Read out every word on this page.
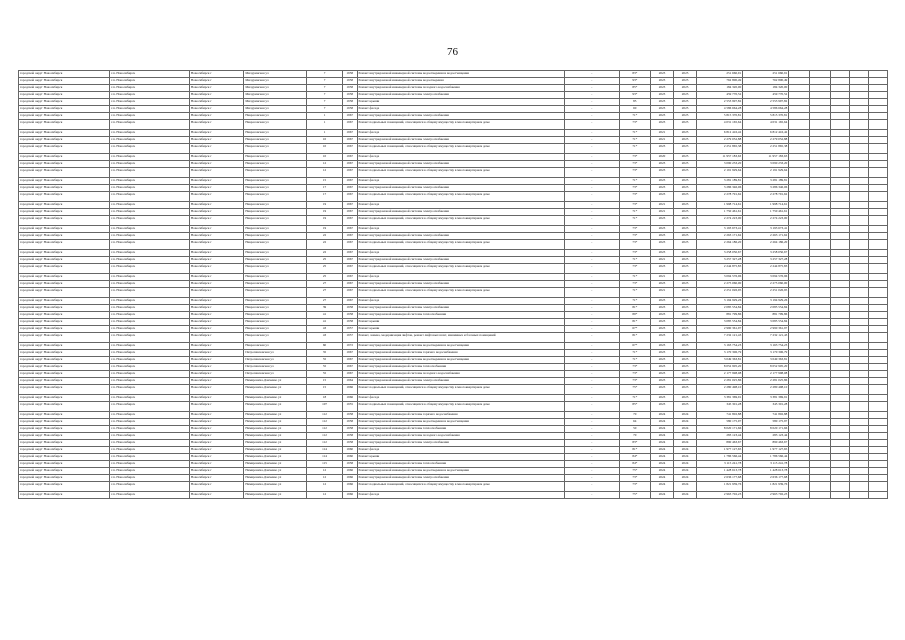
76
городской округ Новосибирск	г.п. Новосибирск	Новосибирск г	Мичуринская ул	7	1958	Ремонт внутридомовой инженерной системы водоотведения и водоотчищения	-	83*	2023	2025	251 660,91	251 660,91					
городской округ Новосибирск	г.п. Новосибирск	Новосибирск г	Мичуринская ул	7	1958	Ремонт внутридомовой инженерной системы водоотведения	-	93*	2023	2025	762 800,49	762 800,49					
городской округ Новосибирск	г.п. Новосибирск	Новосибирск г	Мичуринская ул	7	1958	Ремонт внутридомовой инженерной системы холодного водоснабжения	-	85*	2023	2025	184 320,00	184 320,00					
городской округ Новосибирск	г.п. Новосибирск	Новосибирск г	Мичуринская ул	7	1958	Ремонт внутридомовой инженерной системы электроснабжения	-	93*	2023	2025	459 770,52	459 770,52					
городской округ Новосибирск	г.п. Новосибирск	Новосибирск г	Мичуринская ул	7	1958	Ремонт крыши	-	85	2023	2025	2 553 997,82	2 553 997,82					
городской округ Новосибирск	г.п. Новосибирск	Новосибирск г	Мичуринская ул	7	1958	Ремонт фасада	-	60	2023	2025	4 586 664,28	4 586 664,28					
городской округ Новосибирск	г.п. Новосибирск	Новосибирск г	Некрасовская ул	1	1967	Ремонт внутридомовой инженерной системы электроснабжения	-	71*	2023	2025	5 815 370,81	5 815 370,81					
городской округ Новосибирск	г.п. Новосибирск	Новосибирск г	Некрасовская ул	1	1967	Ремонт подвальных помещений, относящихся к общему имуществу в многоквартирном доме	-	73*	2023	2025	4 031 165,64	4 031 165,64					
городской округ Новосибирск	г.п. Новосибирск	Новосибирск г	Некрасовская ул	1	1967	Ремонт фасада	-	71*	2021	2025	6 812 416,42	6 812 416,42					
городской округ Новосибирск	г.п. Новосибирск	Новосибирск г	Некрасовская ул	10	1967	Ремонт внутридомовой инженерной системы электроснабжения	-	71*	2021	2025	2 279 052,88	2 279 052,88					
городской округ Новосибирск	г.п. Новосибирск	Новосибирск г	Некрасовская ул	10	1967	Ремонт подвальных помещений, относящихся к общему имуществу в многоквартирном доме	-	71*	2023	2025	2 251 865,38	2 251 865,38					
городской округ Новосибирск	г.п. Новосибирск	Новосибирск г	Некрасовская ул	10	1967	Ремонт фасада	-	73*	2020	2025	11 957 183,63	11 957 183,63					
городской округ Новосибирск	г.п. Новосибирск	Новосибирск г	Некрасовская ул	12	1967	Ремонт внутридомовой инженерной системы электроснабжения	-	73*	2023	2025	3 090 233,20	3 090 233,20					
городской округ Новосибирск	г.п. Новосибирск	Новосибирск г	Некрасовская ул	12	1967	Ремонт подвальных помещений, относящихся к общему имуществу в многоквартирном доме	-	73*	2023	2025	2 191 929,64	2 191 929,64					
городской округ Новосибирск	г.п. Новосибирск	Новосибирск г	Некрасовская ул	15	1967	Ремонт фасада	-	71*	2023	2025	3 281 189,81	3 281 189,81					
городской округ Новосибирск	г.п. Новосибирск	Новосибирск г	Некрасовская ул	17	1967	Ремонт внутридомовой инженерной системы электроснабжения	-	73*	2023	2025	3 286 346,06	3 286 346,06					
городской округ Новосибирск	г.п. Новосибирск	Новосибирск г	Некрасовская ул	17	1967	Ремонт подвальных помещений, относящихся к общему имуществу в многоквартирном доме	-	73*	2023	2025	2 278 791,62	2 278 791,62					
городской округ Новосибирск	г.п. Новосибирск	Новосибирск г	Некрасовская ул	19	1967	Ремонт фасада	-	73*	2021	2025	1 998 714,61	1 998 714,61					
городской округ Новосибирск	г.п. Новосибирск	Новосибирск г	Некрасовская ул	19	1967	Ремонт внутридомовой инженерной системы электроснабжения	-	71*	2021	2025	1 750 461,61	1 750 461,61					
городской округ Новосибирск	г.п. Новосибирск	Новосибирск г	Некрасовская ул	19	1967	Ремонт подвальных помещений, относящихся к общему имуществу в многоквартирном доме	-	71*	2023	2025	2 274 223,00	2 274 223,00					
городской округ Новосибирск	г.п. Новосибирск	Новосибирск г	Некрасовская ул	19	1967	Ремонт фасада	-	73*	2023	2025	3 193 673,41	3 193 673,41					
городской округ Новосибирск	г.п. Новосибирск	Новосибирск г	Некрасовская ул	22	1967	Ремонт внутридомовой инженерной системы электроснабжения	-	73*	2023	2025	2 263 171,62	2 263 171,62					
городской округ Новосибирск	г.п. Новосибирск	Новосибирск г	Некрасовская ул	22	1967	Ремонт подвальных помещений, относящихся к общему имуществу в многоквартирном доме	-	73*	2023	2025	2 264 186,20	2 264 186,20					
городской округ Новосибирск	г.п. Новосибирск	Новосибирск г	Некрасовская ул	22	1967	Ремонт фасада	-	73*	2023	2025	3 258 050,67	3 258 050,67					
городской округ Новосибирск	г.п. Новосибирск	Новосибирск г	Некрасовская ул	25	1967	Ремонт внутридомовой инженерной системы электроснабжения	-	71*	2021	2025	3 257 327,28	3 257 327,28					
городской округ Новосибирск	г.п. Новосибирск	Новосибирск г	Некрасовская ул	25	1967	Ремонт подвальных помещений, относящихся к общему имуществу в многоквартирном доме	-	73*	2023	2025	2 244 875,83	2 244 875,83					
городской округ Новосибирск	г.п. Новосибирск	Новосибирск г	Некрасовская ул	25	1967	Ремонт фасада	-	71*	2021	2025	3 094 576,96	3 094 576,96					
городской округ Новосибирск	г.п. Новосибирск	Новосибирск г	Некрасовская ул	27	1967	Ремонт внутридомовой инженерной системы электроснабжения	-	73*	2023	2025	2 275 060,00	2 275 060,00					
городской округ Новосибирск	г.п. Новосибирск	Новосибирск г	Некрасовская ул	27	1967	Ремонт подвальных помещений, относящихся к общему имуществу в многоквартирном доме	-	71*	2021	2025	2 251 026,95	2 251 026,95					
городской округ Новосибирск	г.п. Новосибирск	Новосибирск г	Некрасовская ул	27	1967	Ремонт фасада	-	71*	2023	2025	3 194 929,26	3 194 929,26					
городской округ Новосибирск	г.п. Новосибирск	Новосибирск г	Некрасовская ул	39	1958	Ремонт внутридомовой инженерной системы электроснабжения	-	81*	2023	2025	2 085 554,84	2 085 554,84					
городской округ Новосибирск	г.п. Новосибирск	Новосибирск г	Некрасовская ул	41	1958	Ремонт внутридомовой инженерной системы теплоснабжения	-	89*	2023	2025	881 799,86	881 799,86					
городской округ Новосибирск	г.п. Новосибирск	Новосибирск г	Некрасовская ул	41	1958	Ремонт крыши	-	81*	2023	2025	3 085 554,84	3 085 554,84					
городской округ Новосибирск	г.п. Новосибирск	Новосибирск г	Некрасовская ул	43	1957	Ремонт крыши	-	67*	2023	2025	2 990 361,97	2 990 361,97					
городской округ Новосибирск	г.п. Новосибирск	Новосибирск г	Некрасовская ул	43	1957	Ремонт, замена, модернизация лифтов, ремонт лифтовых шахт, машинных и блочных помещений	-	81*	2023	2025	7 232 121,43	7 232 121,43					
городской округ Новосибирск	г.п. Новосибирск	Новосибирск г	Некрасовская ул	60	1972	Ремонт внутридомовой инженерной системы водоотведения и водоотчищения	-	67*	2023	2025	3 163 754,23	3 163 754,23					
городской округ Новосибирск	г.п. Новосибирск	Новосибирск г	Петропавловская ул	35	1967	Ремонт внутридомовой инженерной системы горячего водоснабжения	-	71*	2023	2025	3 170 306,79	3 170 306,79					
городской округ Новосибирск	г.п. Новосибирск	Новосибирск г	Петропавловская ул	55	1967	Ремонт внутридомовой инженерной системы водоотведения и водоотчищения	-	71*	2023	2025	3 049 363,81	3 049 363,81					
городской округ Новосибирск	г.п. Новосибирск	Новосибирск г	Петропавловская ул	55	1967	Ремонт внутридомовой инженерной системы теплоснабжения	-	73*	2023	2025	8 052 905,20	8 052 905,20					
городской округ Новосибирск	г.п. Новосибирск	Новосибирск г	Петропавловская ул	55	1967	Ремонт внутридомовой инженерной системы холодного водоснабжения	-	73*	2023	2025	2 177 998,08	2 177 998,08					
городской округ Новосибирск	г.п. Новосибирск	Новосибирск г	Немировича-Данченко ул	15	1964	Ремонт внутридомовой инженерной системы электроснабжения	-	73*	2023	2025	2 281 025,86	2 281 025,86					
городской округ Новосибирск	г.п. Новосибирск	Новосибирск г	Немировича-Данченко ул	15	1966	Ремонт подвальных помещений, относящихся к общему имуществу в многоквартирном доме	-	75*	2023	2025	2 280 498,10	2 280 498,10					
городской округ Новосибирск	г.п. Новосибирск	Новосибирск г	Немировича-Данченко ул	18	1966	Ремонт фасада	-	71*	2023	2025	3 381 369,91	3 381 369,91					
городской округ Новосибирск	г.п. Новосибирск	Новосибирск г	Немировича-Данченко ул	107	1955	Ремонт подвальных помещений, относящихся к общему имуществу в многоквартирном доме	-	85*	2023	2025	345 301,28	345 301,28					
городской округ Новосибирск	г.п. Новосибирск	Новосибирск г	Немировича-Данченко ул	112	1958	Ремонт внутридомовой инженерной системы горячего водоснабжения	-	70	2024	2024	741 802,88	741 802,88					
городской округ Новосибирск	г.п. Новосибирск	Новосибирск г	Немировича-Данченко ул	112	1958	Ремонт внутридомовой инженерной системы водоотведения и водоотчищения	-	64	2024	2024	580 175,97	580 175,97					
городской округ Новосибирск	г.п. Новосибирск	Новосибирск г	Немировича-Данченко ул	112	1958	Ремонт внутридомовой инженерной системы теплоснабжения	-	50	2024	2024	8 020 171,66	8 020 171,66					
городской округ Новосибирск	г.п. Новосибирск	Новосибирск г	Немировича-Данченко ул	112	1958	Ремонт внутридомовой инженерной системы холодного водоснабжения	-	70	2024	2024	283 123,44	283 123,44					
городской округ Новосибирск	г.п. Новосибирск	Новосибирск г	Немировича-Данченко ул	112	1958	Ремонт внутридомовой инженерной системы электроснабжения	-	83*	2024	2024	890 463,67	890 463,67					
городской округ Новосибирск	г.п. Новосибирск	Новосибирск г	Немировича-Данченко ул	114	1960	Ремонт фасада	-	81*	2024	2024	1 977 127,65	1 977 127,65					
городской округ Новосибирск	г.п. Новосибирск	Новосибирск г	Немировича-Данченко ул	114	1960	Ремонт крыши	-	84*	2024	2024	1 786 566,44	1 786 566,44					
городской округ Новосибирск	г.п. Новосибирск	Новосибирск г	Немировича-Данченко ул	115	1958	Ремонт внутридомовой инженерной системы теплоснабжения	-	84*	2024	2024	3 115 241,78	3 115 241,78					
городской округ Новосибирск	г.п. Новосибирск	Новосибирск г	Немировича-Данченко ул	12	1966	Ремонт внутридомовой инженерной системы водоотведения и водоотчищения	-	75*	2024	2024	1 428 613,78	1 428 613,78					
городской округ Новосибирск	г.п. Новосибирск	Новосибирск г	Немировича-Данченко ул	12	1966	Ремонт внутридомовой инженерной системы электроснабжения	-	73*	2024	2024	2 636 177,68	2 636 177,68					
городской округ Новосибирск	г.п. Новосибирск	Новосибирск г	Немировича-Данченко ул	12	1966	Ремонт подвальных помещений, относящихся к общему имуществу в многоквартирном доме	-	73*	2024	2024	1 821 939,76	1 821 939,76					
городской округ Новосибирск	г.п. Новосибирск	Новосибирск г	Немировича-Данченко ул	12	1966	Ремонт фасада	-	75*	2024	2024	2 963 702,23	2 963 702,23					
